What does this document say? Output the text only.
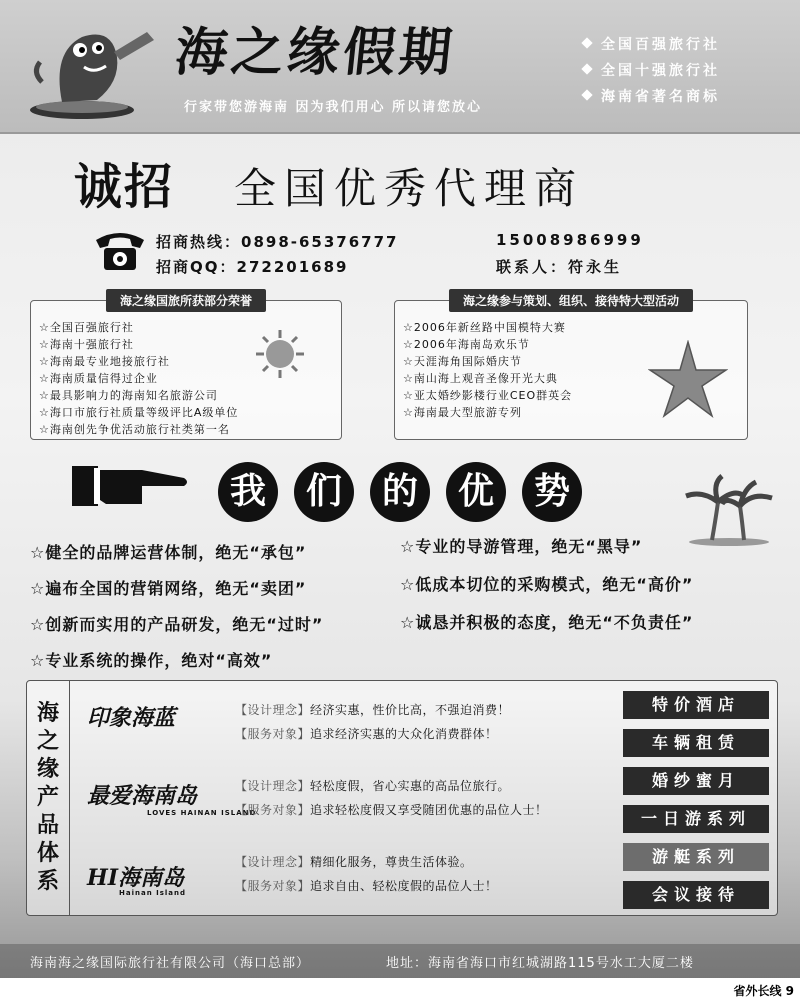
海之缘假期
行家带您游海南 因为我们用心 所以请您放心
全国百强旅行社
全国十强旅行社
海南省著名商标
诚招 全国优秀代理商
招商热线：0898-65376777
招商QQ：272201689
15008986999
联系人：符永生
海之缘国旅所获部分荣誉
☆全国百强旅行社
☆海南十强旅行社
☆海南最专业地接旅行社
☆海南质量信得过企业
☆最具影响力的海南知名旅游公司
☆海口市旅行社质量等级评比A级单位
☆海南创先争优活动旅行社类第一名
海之缘参与策划、组织、接待特大型活动
☆2006年新丝路中国模特大赛
☆2006年海南岛欢乐节
☆天涯海角国际婚庆节
☆南山海上观音圣像开光大典
☆亚太婚纱影楼行业CEO群英会
☆海南最大型旅游专列
我	们	的	优	势
☆健全的品牌运营体制，绝无“承包”
☆遍布全国的营销网络，绝无“卖团”
☆创新而实用的产品研发，绝无“过时”
☆专业系统的操作，绝对“高效”
☆专业的导游管理，绝无“黑导”
☆低成本切位的采购模式，绝无“高价”
☆诚恳并积极的态度，绝无“不负责任”
海
之
缘
产
品
体
系
印象海蓝	【设计理念】经济实惠，性价比高，不强迫消费！
【服务对象】追求经济实惠的大众化消费群体！
最爱海南岛
LOVES HAINAN ISLAND
【设计理念】轻松度假，省心实惠的高品位旅行。
【服务对象】追求轻松度假又享受随团优惠的品位人士！
HI海南岛
Hainan Island
【设计理念】精细化服务，尊贵生活体验。
【服务对象】追求自由、轻松度假的品位人士！
特价酒店
车辆租赁
婚纱蜜月
一日游系列
游艇系列
会议接待
海南海之缘国际旅行社有限公司（海口总部）	地址：海南省海口市红城湖路115号水工大厦二楼
省外长线 9
